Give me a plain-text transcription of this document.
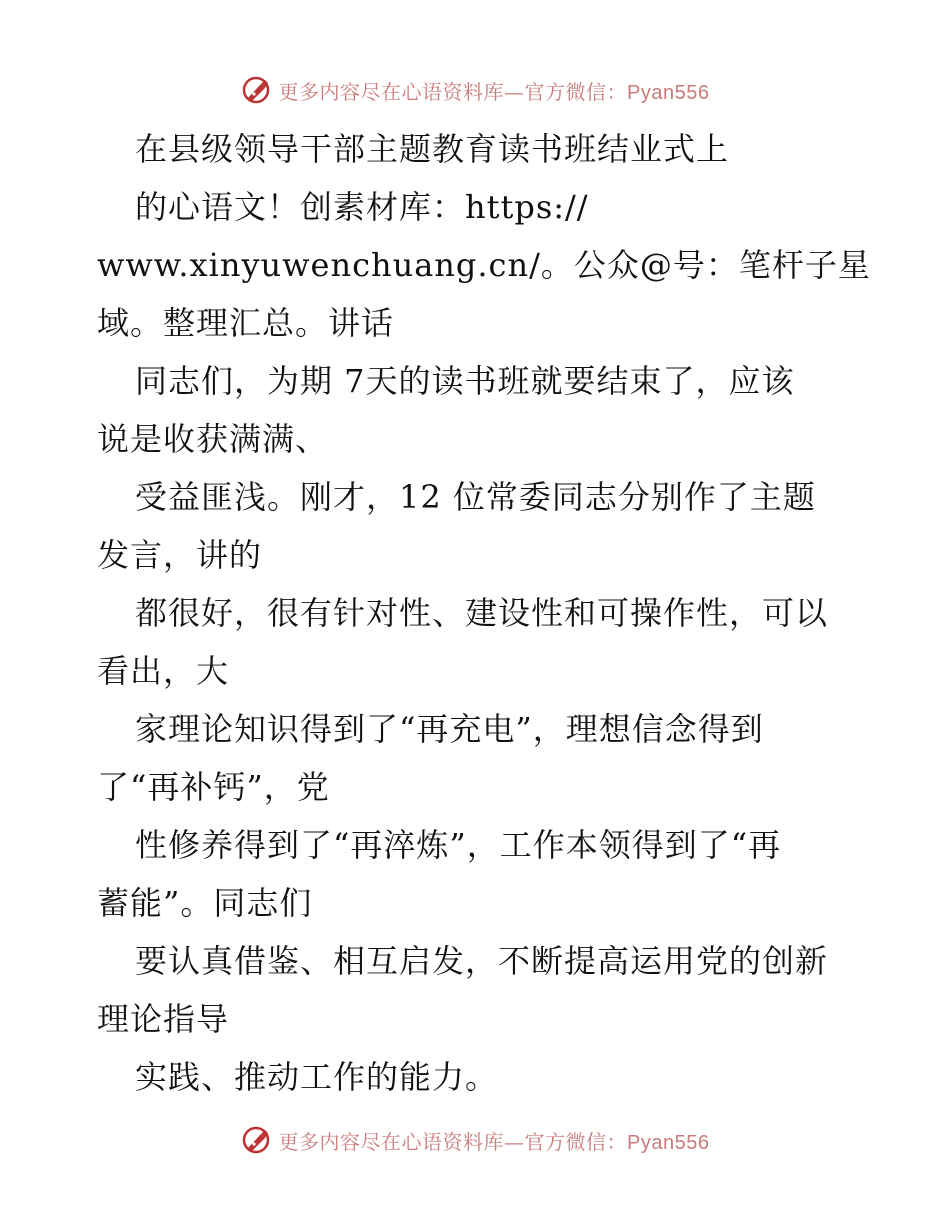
更多内容尽在心语资料库—官方微信：Pyan556
在县级领导干部主题教育读书班结业式上
的心语文！创素材库：https://
www.xinyuwenchuang.cn/。公众@号：笔杆子星
域。整理汇总。讲话
同志们，为期 7天的读书班就要结束了，应该
说是收获满满、
受益匪浅。刚才，12 位常委同志分别作了主题
发言，讲的
都很好，很有针对性、建设性和可操作性，可以
看出，大
家理论知识得到了“再充电”，理想信念得到
了“再补钙”，党
性修养得到了“再淬炼”，工作本领得到了“再
蓄能”。同志们
要认真借鉴、相互启发，不断提高运用党的创新
理论指导
实践、推动工作的能力。
更多内容尽在心语资料库—官方微信：Pyan556
